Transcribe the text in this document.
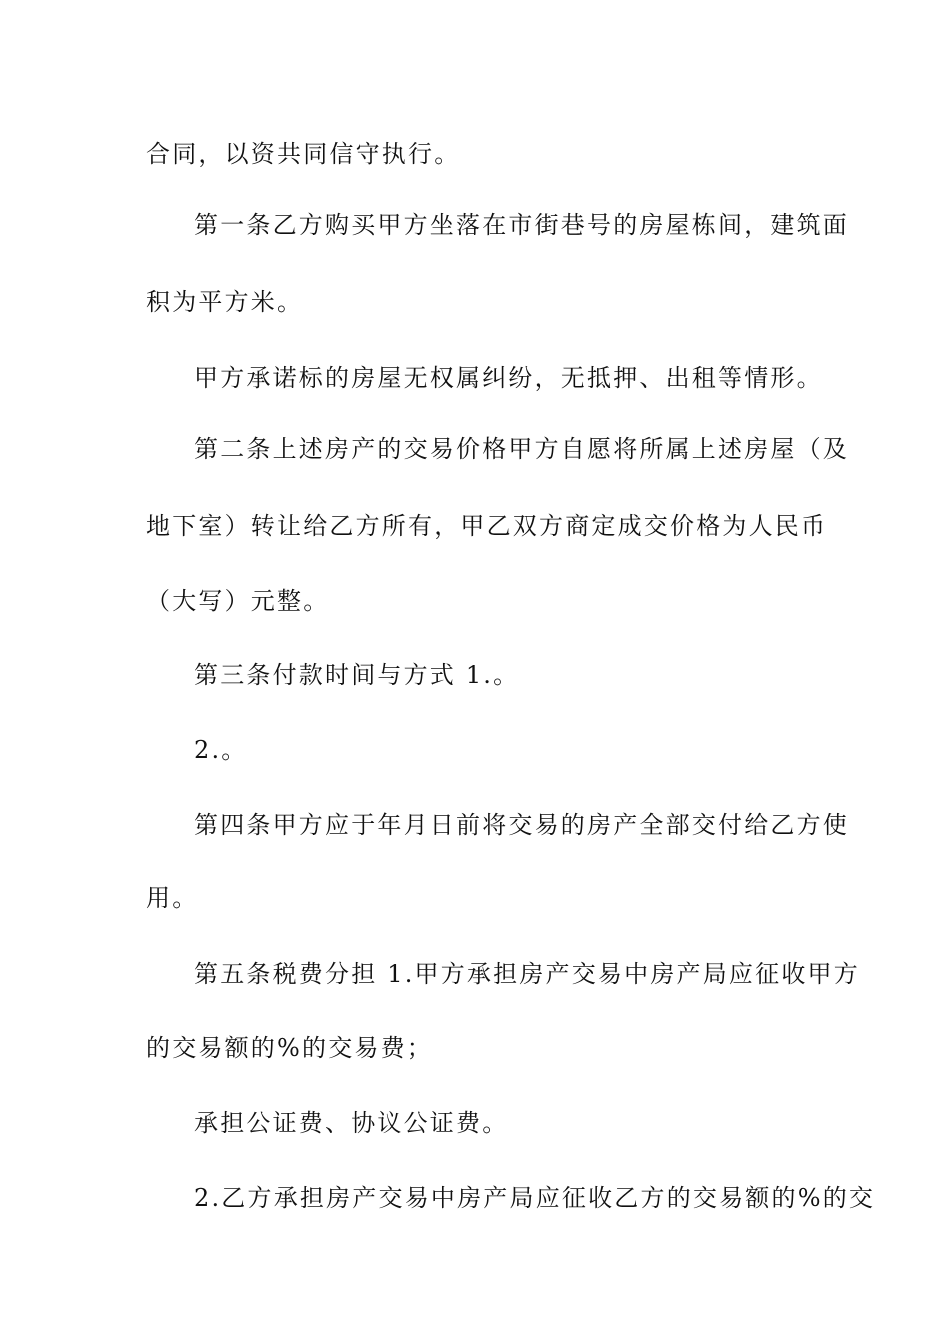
合同，以资共同信守执行。
第一条乙方购买甲方坐落在市街巷号的房屋栋间，建筑面
积为平方米。
甲方承诺标的房屋无权属纠纷，无抵押、出租等情形。
第二条上述房产的交易价格甲方自愿将所属上述房屋（及
地下室）转让给乙方所有，甲乙双方商定成交价格为人民币
（大写）元整。
第三条付款时间与方式 1.。
2.。
第四条甲方应于年月日前将交易的房产全部交付给乙方使
用。
第五条税费分担 1.甲方承担房产交易中房产局应征收甲方
的交易额的%的交易费；
承担公证费、协议公证费。
2.乙方承担房产交易中房产局应征收乙方的交易额的%的交
